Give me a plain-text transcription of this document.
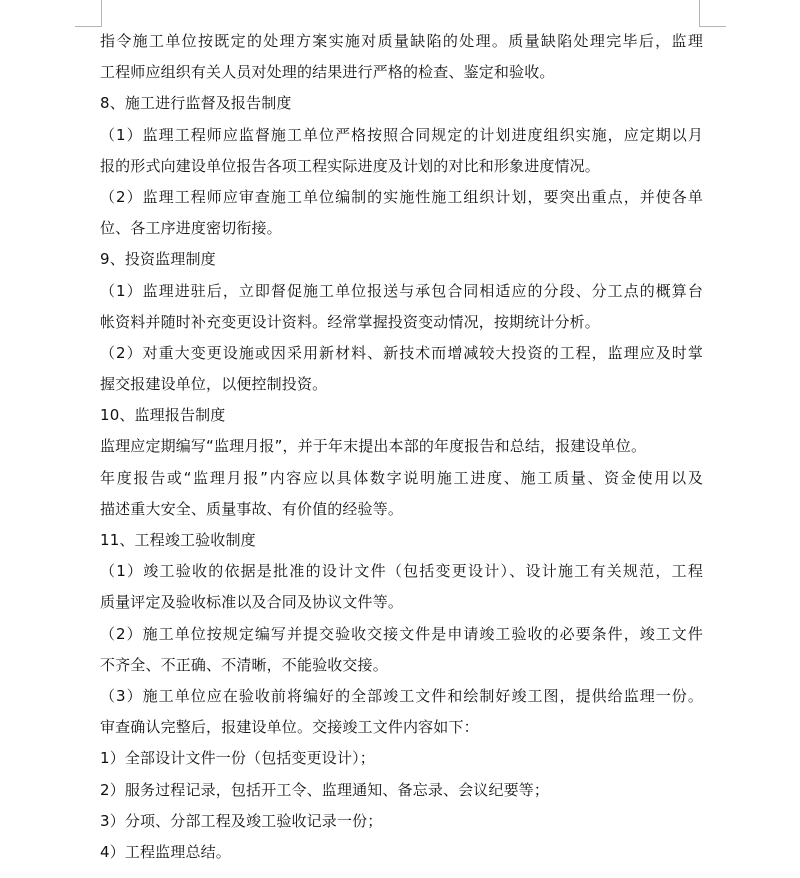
指令施工单位按既定的处理方案实施对质量缺陷的处理。质量缺陷处理完毕后，监理
工程师应组织有关人员对处理的结果进行严格的检查、鉴定和验收。
8、施工进行监督及报告制度
（1）监理工程师应监督施工单位严格按照合同规定的计划进度组织实施，应定期以月
报的形式向建设单位报告各项工程实际进度及计划的对比和形象进度情况。
（2）监理工程师应审查施工单位编制的实施性施工组织计划，要突出重点，并使各单
位、各工序进度密切衔接。
9、投资监理制度
（1）监理进驻后，立即督促施工单位报送与承包合同相适应的分段、分工点的概算台
帐资料并随时补充变更设计资料。经常掌握投资变动情况，按期统计分析。
（2）对重大变更设施或因采用新材料、新技术而增减较大投资的工程，监理应及时掌
握交报建设单位，以便控制投资。
10、监理报告制度
监理应定期编写“监理月报”，并于年末提出本部的年度报告和总结，报建设单位。
年度报告或“监理月报”内容应以具体数字说明施工进度、施工质量、资金使用以及
描述重大安全、质量事故、有价值的经验等。
11、工程竣工验收制度
（1）竣工验收的依据是批准的设计文件（包括变更设计）、设计施工有关规范，工程
质量评定及验收标准以及合同及协议文件等。
（2）施工单位按规定编写并提交验收交接文件是申请竣工验收的必要条件，竣工文件
不齐全、不正确、不清晰，不能验收交接。
（3）施工单位应在验收前将编好的全部竣工文件和绘制好竣工图，提供给监理一份。
审查确认完整后，报建设单位。交接竣工文件内容如下：
1）全部设计文件一份（包括变更设计）；
2）服务过程记录，包括开工令、监理通知、备忘录、会议纪要等；
3）分项、分部工程及竣工验收记录一份；
4）工程监理总结。
